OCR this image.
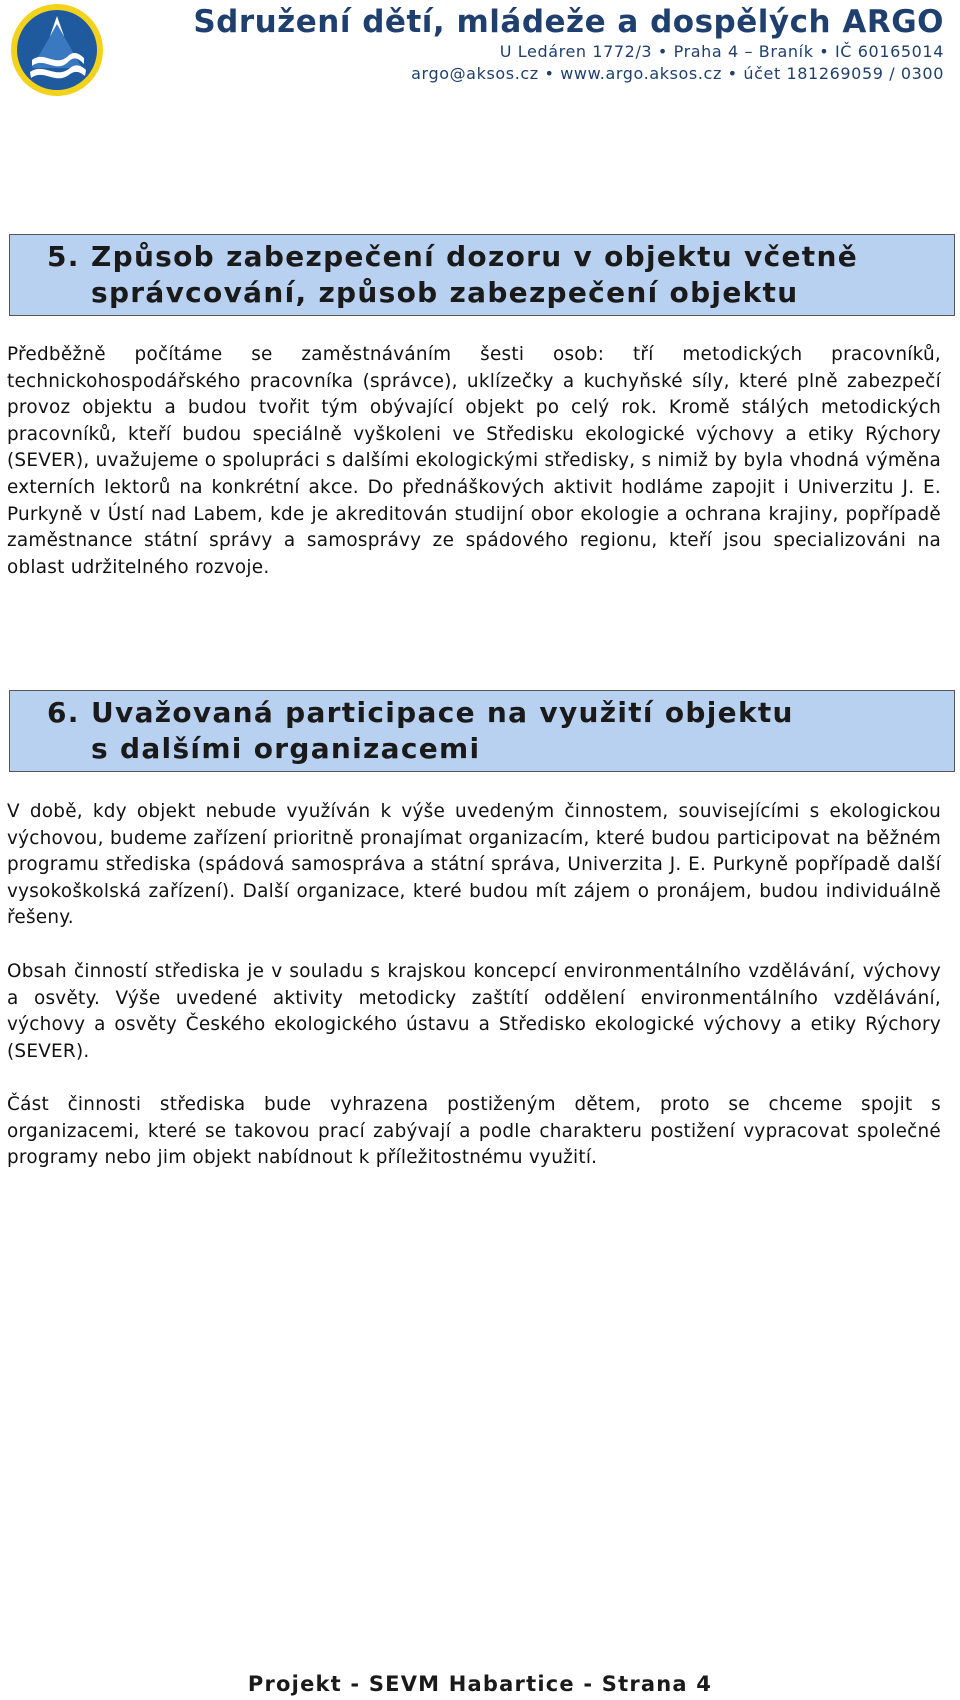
Sdružení dětí, mládeže a dospělých ARGO
U Ledáren 1772/3 • Praha 4 – Braník • IČ 60165014
argo@aksos.cz • www.argo.aksos.cz • účet 181269059 / 0300
5. Způsob zabezpečení dozoru v objektu včetně
správcování, způsob zabezpečení objektu

Předběžně počítáme se zaměstnáváním šesti osob: tří metodických pracovníků, technickohospodářského pracovníka (správce), uklízečky a kuchyňské síly, které plně zabezpečí provoz objektu a budou tvořit tým obývající objekt po celý rok. Kromě stálých metodických pracovníků, kteří budou speciálně vyškoleni ve Středisku ekologické výchovy a etiky Rýchory (SEVER), uvažujeme o spolupráci s dalšími ekologickými středisky, s nimiž by byla vhodná výměna externích lektorů na konkrétní akce. Do přednáškových aktivit hodláme zapojit i Univerzitu J. E. Purkyně v Ústí nad Labem, kde je akreditován studijní obor ekologie a ochrana krajiny, popřípadě zaměstnance státní správy a samosprávy ze spádového regionu, kteří jsou specializováni na oblast udržitelného rozvoje.

6. Uvažovaná participace na využití objektu
s dalšími organizacemi

V době, kdy objekt nebude využíván k výše uvedeným činnostem, souvisejícími s ekologickou výchovou, budeme zařízení prioritně pronajímat organizacím, které budou participovat na běžném programu střediska (spádová samospráva a státní správa, Univerzita J. E. Purkyně popřípadě další vysokoškolská zařízení). Další organizace, které budou mít zájem o pronájem, budou individuálně řešeny.

Obsah činností střediska je v souladu s krajskou koncepcí environmentálního vzdělávání, výchovy a osvěty. Výše uvedené aktivity metodicky zaštítí oddělení environmentálního vzdělávání, výchovy a osvěty Českého ekologického ústavu a Středisko ekologické výchovy a etiky Rýchory (SEVER).

Část činnosti střediska bude vyhrazena postiženým dětem, proto se chceme spojit s organizacemi, které se takovou prací zabývají a podle charakteru postižení vypracovat společné programy nebo jim objekt nabídnout k příležitostnému využití.

Projekt - SEVM Habartice - Strana 4
